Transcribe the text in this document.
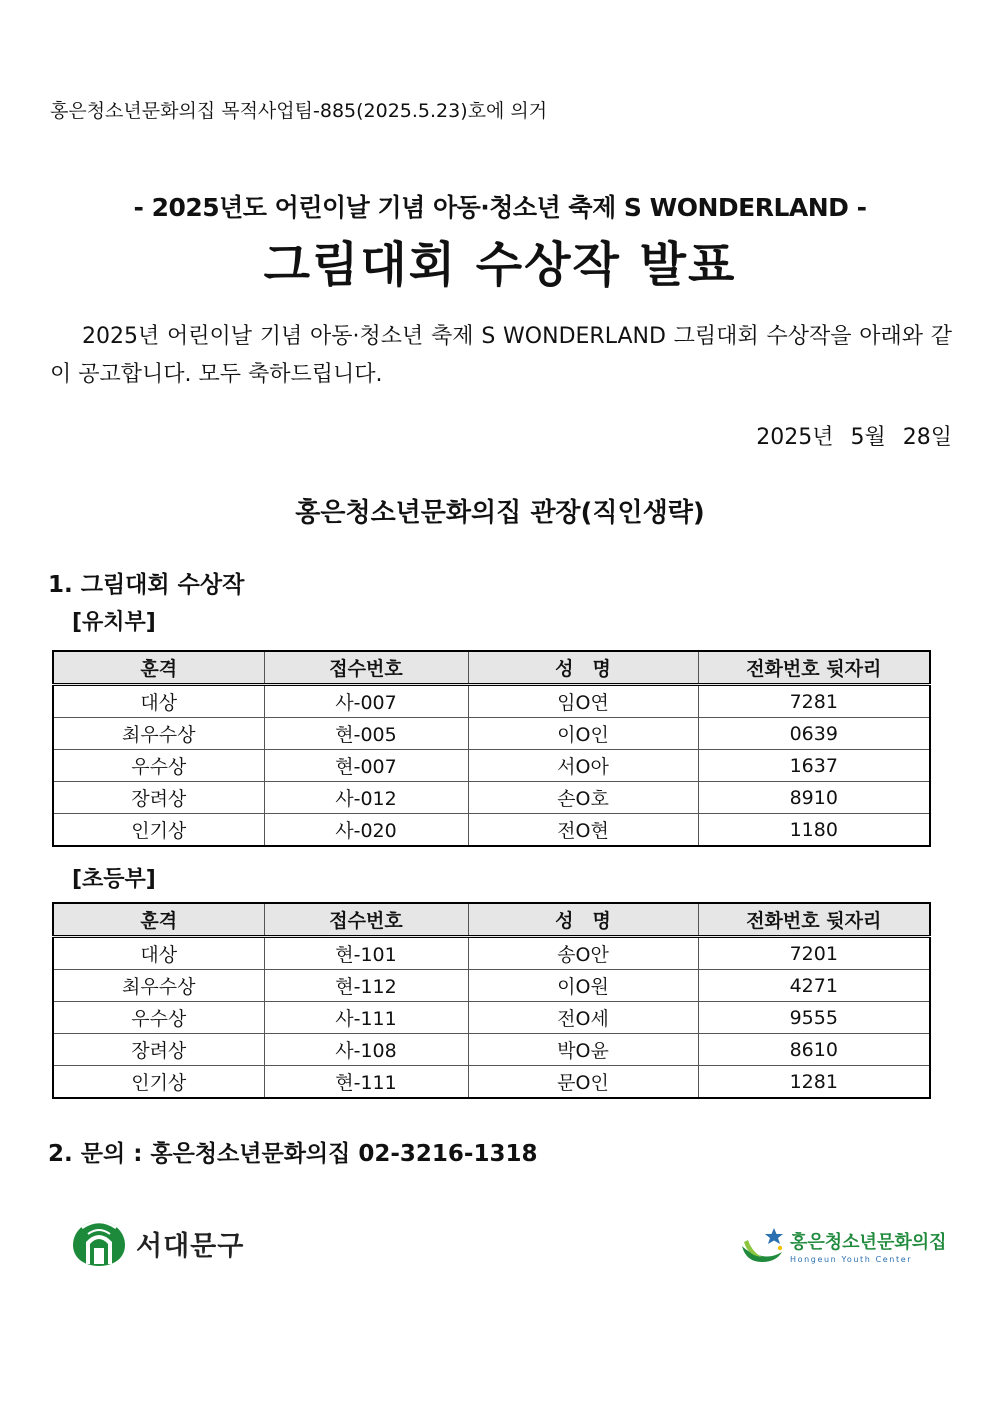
홍은청소년문화의집 목적사업팀-885(2025.5.23)호에 의거
- 2025년도 어린이날 기념 아동·청소년 축제 S WONDERLAND -
그림대회 수상작 발표
2025년 어린이날 기념 아동·청소년 축제 S WONDERLAND 그림대회 수상작을 아래와 같이 공고합니다. 모두 축하드립니다.
2025년 5월 28일
홍은청소년문화의집 관장(직인생략)
1. 그림대회 수상작
[유치부]
훈격	접수번호	성　명	전화번호 뒷자리
대상	사-007	임O연	7281
최우수상	현-005	이O인	0639
우수상	현-007	서O아	1637
장려상	사-012	손O호	8910
인기상	사-020	전O현	1180
[초등부]
훈격	접수번호	성　명	전화번호 뒷자리
대상	현-101	송O안	7201
최우수상	현-112	이O원	4271
우수상	사-111	전O세	9555
장려상	사-108	박O윤	8610
인기상	현-111	문O인	1281
2. 문의 : 홍은청소년문화의집 02-3216-1318
서대문구	홍은청소년문화의집
Hongeun Youth Center
